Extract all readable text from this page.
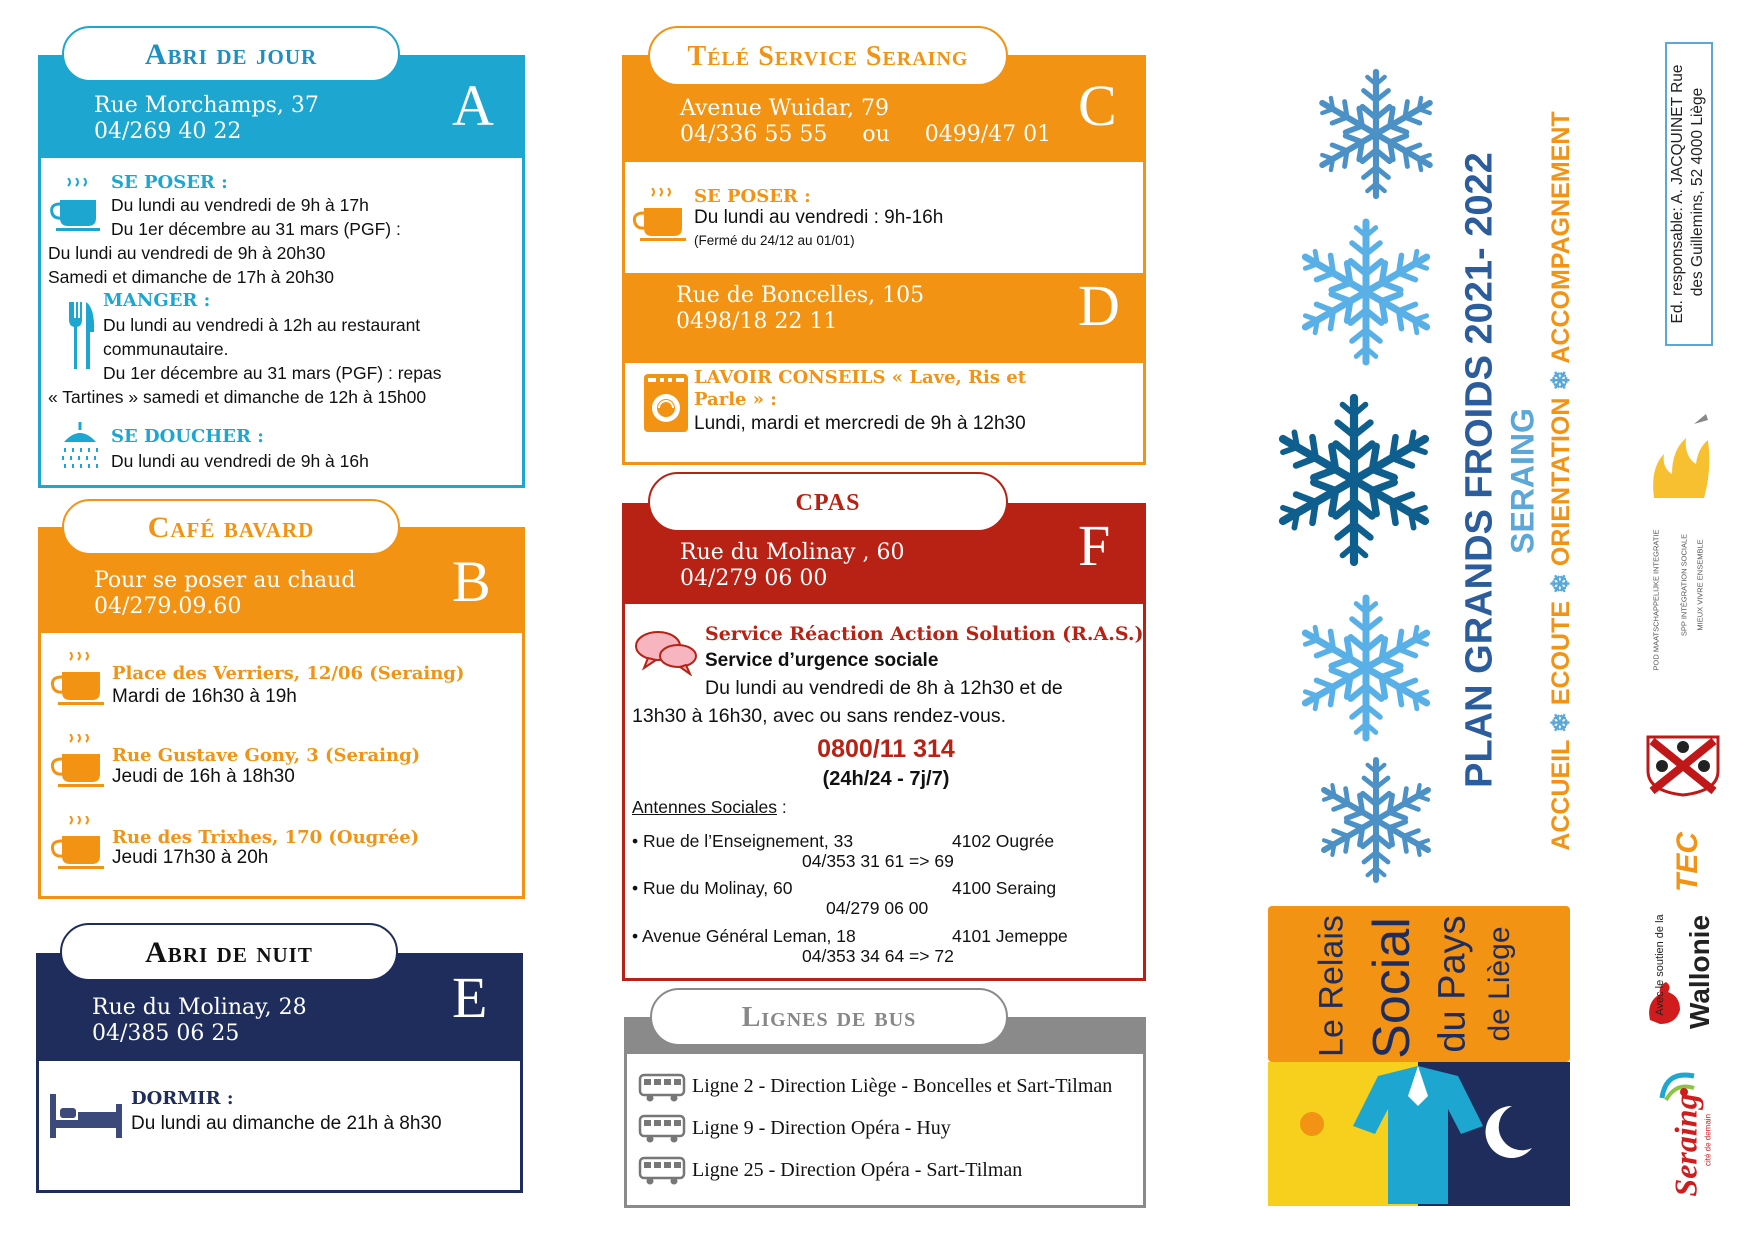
Abri de jour
Rue Morchamps, 37
04/269 40 22	A
SE POSER :
Du lundi au vendredi de 9h à 17h
Du 1er décembre au 31 mars (PGF) :
Du lundi au vendredi de 9h à 20h30
Samedi et dimanche de 17h à 20h30
MANGER :
Du lundi au vendredi à 12h au restaurant
communautaire.
Du 1er décembre au 31 mars (PGF) : repas
« Tartines » samedi et dimanche de 12h à 15h00
SE DOUCHER :
Du lundi au vendredi de 9h à 16h
Café bavard
Pour se poser au chaud
04/279.09.60	B
Place des Verriers, 12/06 (Seraing)
Mardi de 16h30 à 19h
Rue Gustave Gony, 3 (Seraing)
Jeudi de 16h à 18h30
Rue des Trixhes, 170 (Ougrée)
Jeudi 17h30 à 20h
Abri de nuit
Rue du Molinay, 28
04/385 06 25
E
DORMIR :
Du lundi au dimanche de 21h à 8h30
Télé Service Seraing
Avenue Wuidar, 79
04/336 55 55     ou     0499/47 01 C
SE POSER :
Du lundi au vendredi : 9h-16h
(Fermé du 24/12 au 01/01)
Rue de Boncelles, 105
0498/18 22 11	D
LAVOIR CONSEILS « Lave, Ris et
Parle » :
Lundi, mardi et mercredi de 9h à 12h30
CPAS
Rue du Molinay , 60
04/279 06 00
F
Service Réaction Action Solution (R.A.S.)
Service d’urgence sociale
Du lundi au vendredi de 8h à 12h30 et de
13h30 à 16h30, avec ou sans rendez-vous.
0800/11 314
(24h/24 - 7j/7)
Antennes Sociales :
• Rue de l’Enseignement, 33	4102 Ougrée
04/353 31 61 => 69
• Rue du Molinay, 60	4100 Seraing
04/279 06 00
• Avenue Général Leman, 18	4101 Jemeppe
04/353 34 64 => 72
Lignes de bus
Ligne 2 - Direction Liège - Boncelles et Sart-Tilman
Ligne 9 - Direction Opéra - Huy
Ligne 25 - Direction Opéra - Sart-Tilman
PLAN GRANDS FROIDS 2021- 2022 SERAING
ACCUEIL ❄ ECOUTE ❄ ORIENTATION ❄ ACCOMPAGNEMENT	Ed. responsable: A. JACQUINET Rue des Guillemins, 52 4000 Liège
Le Relais Social du Pays de Liège
POD MAATSCHAPPELIJKE INTEGRATIE	SPP INTÉGRATION SOCIALE MIEUX VIVRE ENSEMBLE
TEC
Avec le soutien de la Wallonie
Seraing cité de demain
